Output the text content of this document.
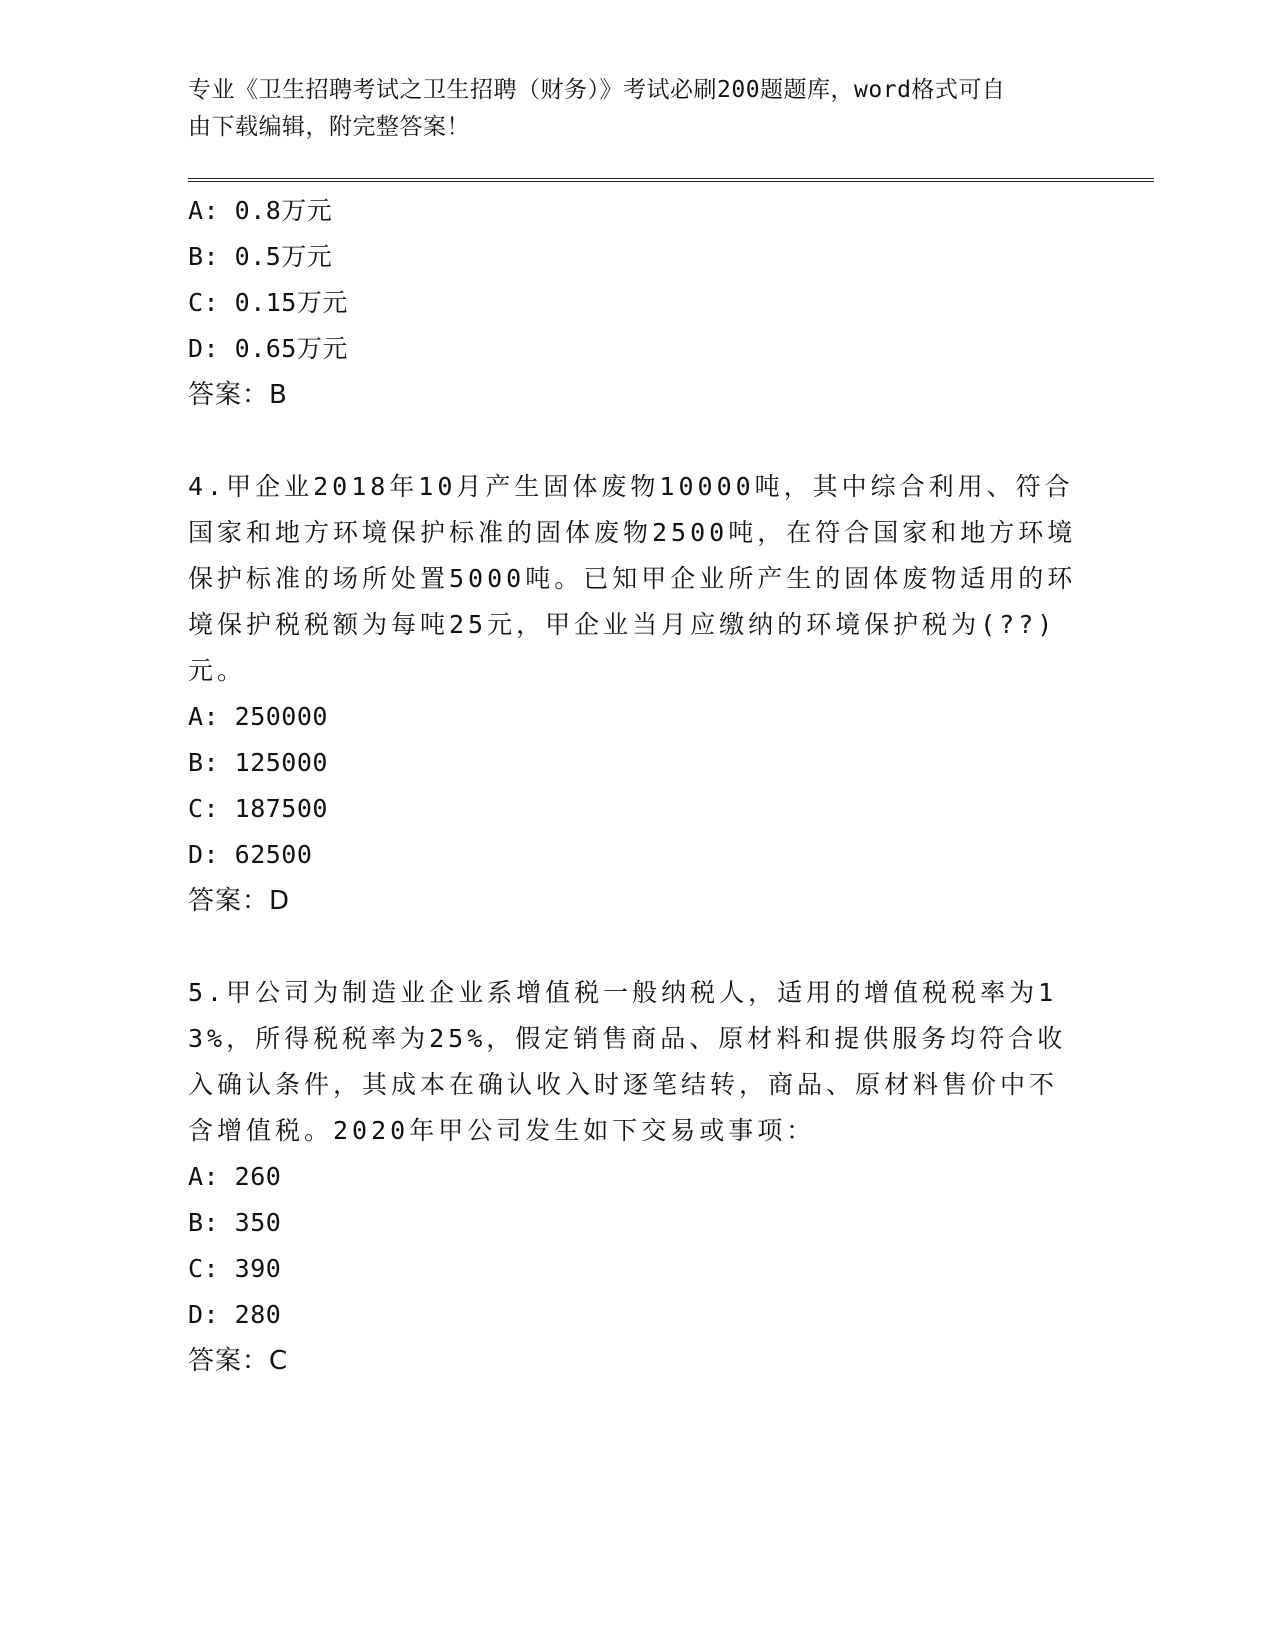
专业《卫生招聘考试之卫生招聘（财务）》考试必刷200题题库，word格式可自
由下载编辑，附完整答案！
A: 0.8万元
B: 0.5万元
C: 0.15万元
D: 0.65万元
答案：B
4.甲企业2018年10月产生固体废物10000吨，其中综合利用、符合国家和地方环境保护标准的固体废物2500吨，在符合国家和地方环境保护标准的场所处置5000吨。已知甲企业所产生的固体废物适用的环境保护税税额为每吨25元，甲企业当月应缴纳的环境保护税为(??)元。
A: 250000
B: 125000
C: 187500
D: 62500
答案：D
5.甲公司为制造业企业系增值税一般纳税人，适用的增值税税率为13%，所得税税率为25%，假定销售商品、原材料和提供服务均符合收入确认条件，其成本在确认收入时逐笔结转，商品、原材料售价中不含增值税。2020年甲公司发生如下交易或事项：
A: 260
B: 350
C: 390
D: 280
答案：C
